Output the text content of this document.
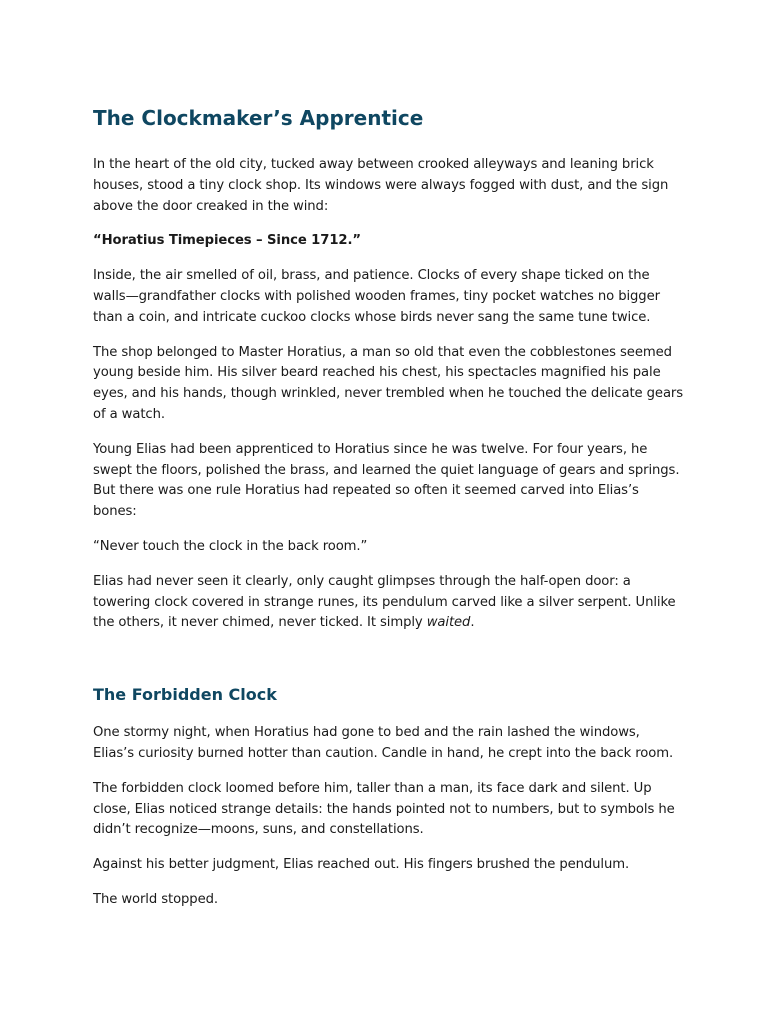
The Clockmaker’s Apprentice

In the heart of the old city, tucked away between crooked alleyways and leaning brick houses, stood a tiny clock shop. Its windows were always fogged with dust, and the sign above the door creaked in the wind:

“Horatius Timepieces – Since 1712.”

Inside, the air smelled of oil, brass, and patience. Clocks of every shape ticked on the walls—grandfather clocks with polished wooden frames, tiny pocket watches no bigger than a coin, and intricate cuckoo clocks whose birds never sang the same tune twice.

The shop belonged to Master Horatius, a man so old that even the cobblestones seemed young beside him. His silver beard reached his chest, his spectacles magnified his pale eyes, and his hands, though wrinkled, never trembled when he touched the delicate gears of a watch.

Young Elias had been apprenticed to Horatius since he was twelve. For four years, he swept the floors, polished the brass, and learned the quiet language of gears and springs. But there was one rule Horatius had repeated so often it seemed carved into Elias’s bones:

“Never touch the clock in the back room.”

Elias had never seen it clearly, only caught glimpses through the half-open door: a towering clock covered in strange runes, its pendulum carved like a silver serpent. Unlike the others, it never chimed, never ticked. It simply waited.

The Forbidden Clock

One stormy night, when Horatius had gone to bed and the rain lashed the windows, Elias’s curiosity burned hotter than caution. Candle in hand, he crept into the back room.

The forbidden clock loomed before him, taller than a man, its face dark and silent. Up close, Elias noticed strange details: the hands pointed not to numbers, but to symbols he didn’t recognize—moons, suns, and constellations.

Against his better judgment, Elias reached out. His fingers brushed the pendulum.

The world stopped.
